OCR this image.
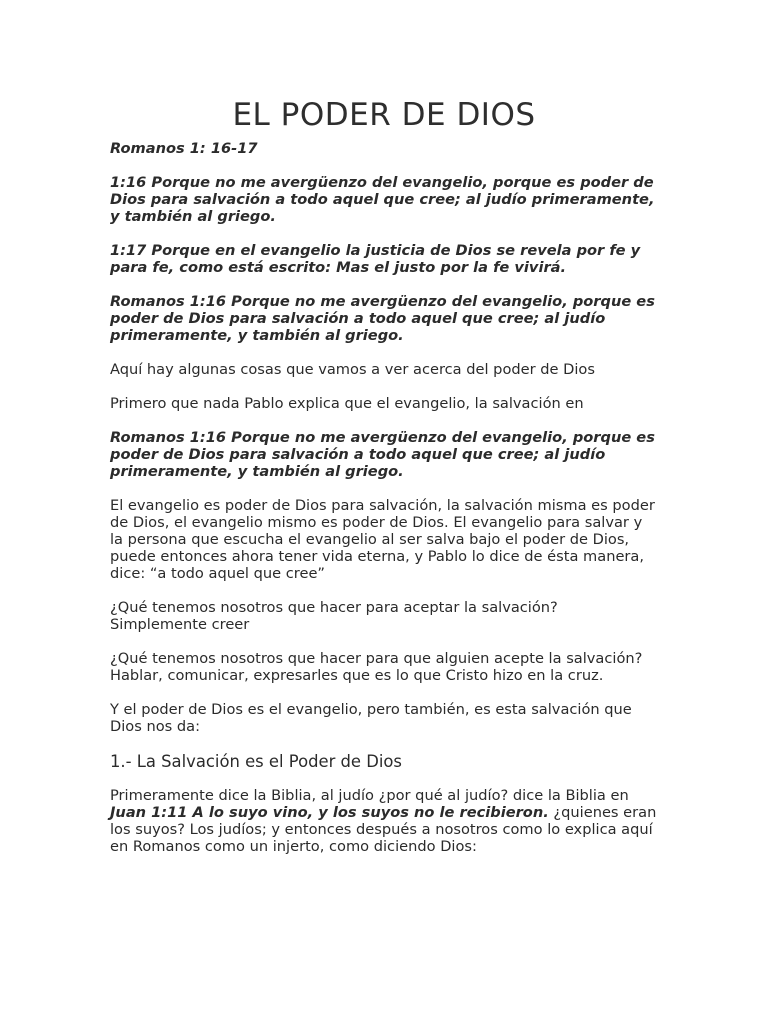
EL PODER DE DIOS

Romanos 1: 16-17

1:16 Porque no me avergüenzo del evangelio, porque es poder de Dios para salvación a todo aquel que cree; al judío primeramente, y también al griego.

1:17 Porque en el evangelio la justicia de Dios se revela por fe y para fe, como está escrito: Mas el justo por la fe vivirá.

Romanos 1:16 Porque no me avergüenzo del evangelio, porque es poder de Dios para salvación a todo aquel que cree; al judío primeramente, y también al griego.

Aquí hay algunas cosas que vamos a ver acerca del poder de Dios

Primero que nada Pablo explica que el evangelio, la salvación en

Romanos 1:16 Porque no me avergüenzo del evangelio, porque es poder de Dios para salvación a todo aquel que cree; al judío primeramente, y también al griego.

El evangelio es poder de Dios para salvación, la salvación misma es poder de Dios, el evangelio mismo es poder de Dios. El evangelio para salvar y la persona que escucha el evangelio al ser salva bajo el poder de Dios, puede entonces ahora tener vida eterna, y Pablo lo dice de ésta manera, dice: “a todo aquel que cree”

¿Qué tenemos nosotros que hacer para aceptar la salvación? Simplemente creer

¿Qué tenemos nosotros que hacer para que alguien acepte la salvación? Hablar, comunicar, expresarles que es lo que Cristo hizo en la cruz.

Y el poder de Dios es el evangelio, pero también, es esta salvación que Dios nos da:

1.- La Salvación es el Poder de Dios

Primeramente dice la Biblia, al judío ¿por qué al judío? dice la Biblia en Juan 1:11 A lo suyo vino, y los suyos no le recibieron. ¿quienes eran los suyos? Los judíos; y entonces después a nosotros como lo explica aquí en Romanos como un injerto, como diciendo Dios:
